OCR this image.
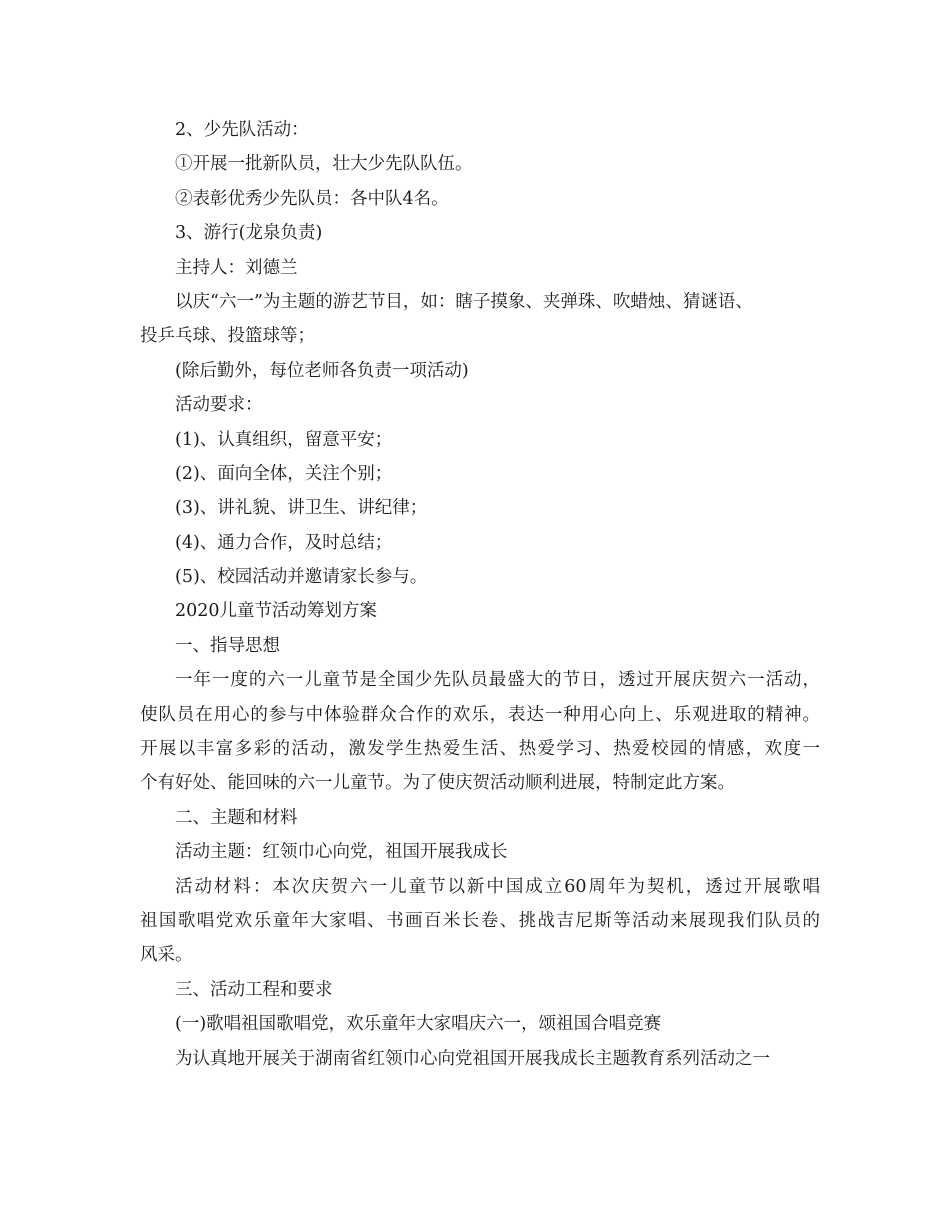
2、少先队活动：
①开展一批新队员，壮大少先队队伍。
②表彰优秀少先队员：各中队4名。
3、游行(龙泉负责)
主持人：刘德兰
以庆“六一”为主题的游艺节目，如：瞎子摸象、夹弹珠、吹蜡烛、猜谜语、
投乒乓球、投篮球等；
(除后勤外，每位老师各负责一项活动)
活动要求：
(1)、认真组织，留意平安；
(2)、面向全体，关注个别；
(3)、讲礼貌、讲卫生、讲纪律；
(4)、通力合作，及时总结；
(5)、校园活动并邀请家长参与。
2020儿童节活动筹划方案
一、指导思想
一年一度的六一儿童节是全国少先队员最盛大的节日，透过开展庆贺六一活动，
使队员在用心的参与中体验群众合作的欢乐，表达一种用心向上、乐观进取的精神。
开展以丰富多彩的活动，激发学生热爱生活、热爱学习、热爱校园的情感，欢度一
个有好处、能回味的六一儿童节。为了使庆贺活动顺利进展，特制定此方案。
二、主题和材料
活动主题：红领巾心向党，祖国开展我成长
活动材料：本次庆贺六一儿童节以新中国成立60周年为契机，透过开展歌唱
祖国歌唱党欢乐童年大家唱、书画百米长卷、挑战吉尼斯等活动来展现我们队员的
风采。
三、活动工程和要求
(一)歌唱祖国歌唱党，欢乐童年大家唱庆六一，颂祖国合唱竞赛
为认真地开展关于湖南省红领巾心向党祖国开展我成长主题教育系列活动之一
